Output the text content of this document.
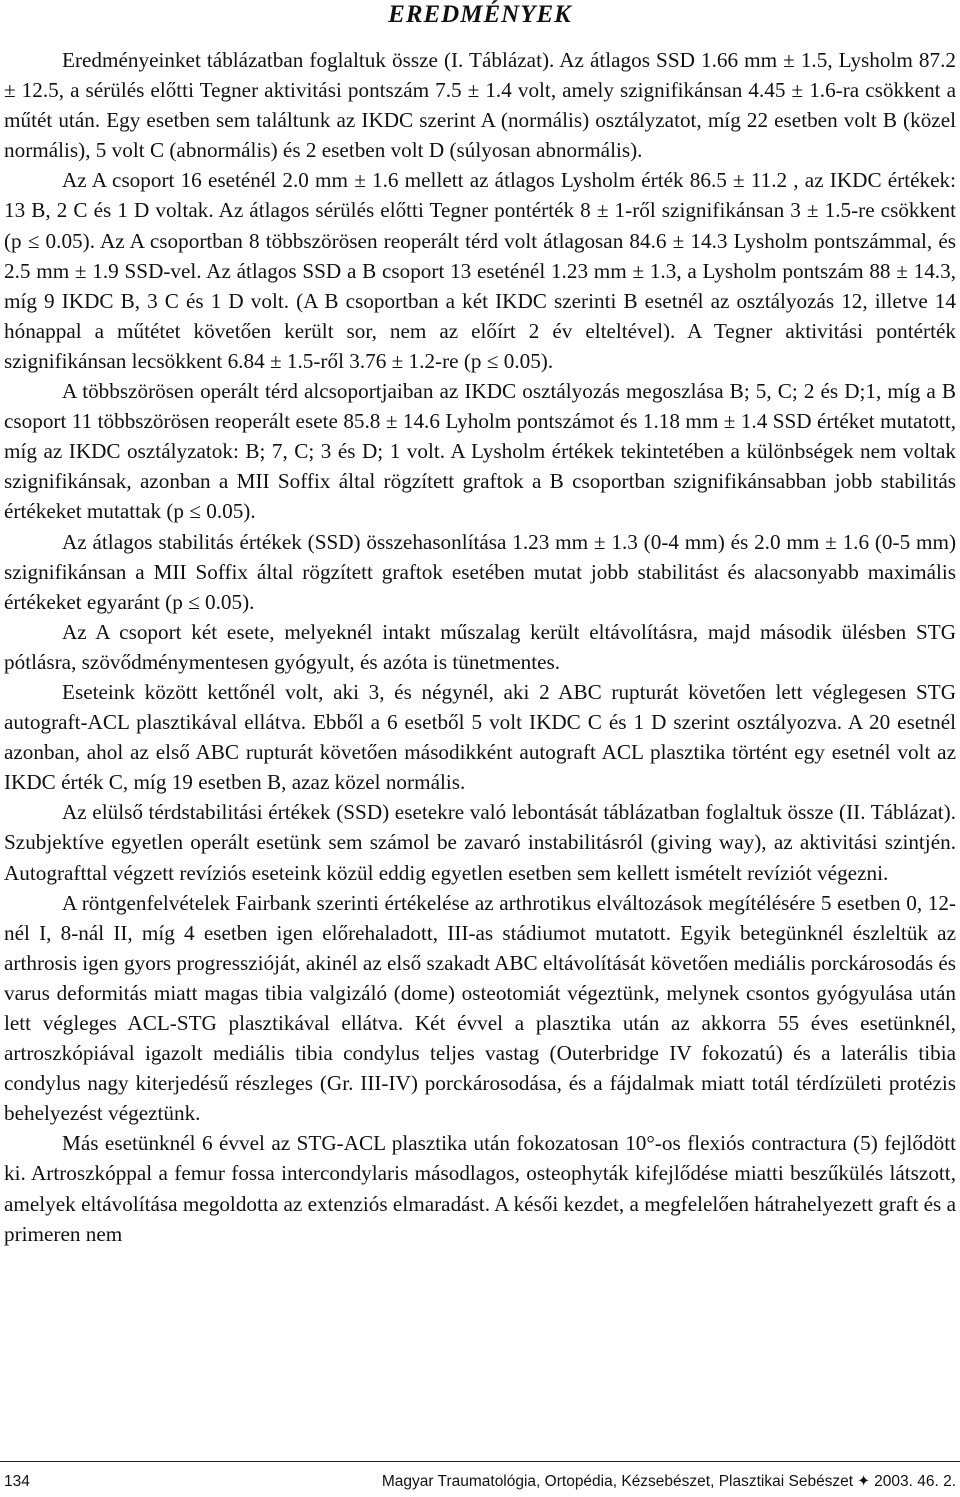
EREDMÉNYEK

Eredményeinket táblázatban foglaltuk össze (I. Táblázat). Az átlagos SSD 1.66 mm ± 1.5, Lysholm 87.2 ± 12.5, a sérülés előtti Tegner aktivitási pontszám 7.5 ± 1.4 volt, amely szignifikánsan 4.45 ± 1.6-ra csökkent a műtét után. Egy esetben sem találtunk az IKDC szerint A (normális) osztályzatot, míg 22 esetben volt B (közel normális), 5 volt C (abnormális) és 2 esetben volt D (súlyosan abnormális).

Az A csoport 16 eseténél 2.0 mm ± 1.6 mellett az átlagos Lysholm érték 86.5 ± 11.2 , az IKDC értékek: 13 B, 2 C és 1 D voltak. Az átlagos sérülés előtti Tegner pontérték 8 ± 1-ről szignifikánsan 3 ± 1.5-re csökkent (p ≤ 0.05). Az A csoportban 8 többszörösen reoperált térd volt átlagosan 84.6 ± 14.3 Lysholm pontszámmal, és 2.5 mm ± 1.9 SSD-vel. Az átlagos SSD a B csoport 13 eseténél 1.23 mm ± 1.3, a Lysholm pontszám 88 ± 14.3, míg 9 IKDC B, 3 C és 1 D volt. (A B csoportban a két IKDC szerinti B esetnél az osztályozás 12, illetve 14 hónappal a műtétet követően került sor, nem az előírt 2 év elteltével). A Tegner aktivitási pontérték szignifikánsan lecsökkent 6.84 ± 1.5-ről 3.76 ± 1.2-re (p ≤ 0.05).

A többszörösen operált térd alcsoportjaiban az IKDC osztályozás megoszlása B; 5, C; 2 és D;1, míg a B csoport 11 többszörösen reoperált esete 85.8 ± 14.6 Lyholm pontszámot és 1.18 mm ± 1.4 SSD értéket mutatott, míg az IKDC osztályzatok: B; 7, C; 3 és D; 1 volt. A Lysholm értékek tekintetében a különbségek nem voltak szignifikánsak, azonban a MII Soffix által rögzített graftok a B csoportban szignifikánsabban jobb stabilitás értékeket mutattak (p ≤ 0.05).

Az átlagos stabilitás értékek (SSD) összehasonlítása 1.23 mm ± 1.3 (0-4 mm) és 2.0 mm ± 1.6 (0-5 mm) szignifikánsan a MII Soffix által rögzített graftok esetében mutat jobb stabilitást és alacsonyabb maximális értékeket egyaránt (p ≤ 0.05).

Az A csoport két esete, melyeknél intakt műszalag került eltávolításra, majd második ülésben STG pótlásra, szövődménymentesen gyógyult, és azóta is tünetmentes.

Eseteink között kettőnél volt, aki 3, és négynél, aki 2 ABC rupturát követően lett véglegesen STG autograft-ACL plasztikával ellátva. Ebből a 6 esetből 5 volt IKDC C és 1 D szerint osztályozva. A 20 esetnél azonban, ahol az első ABC rupturát követően másodikként autograft ACL plasztika történt egy esetnél volt az IKDC érték C, míg 19 esetben B, azaz közel normális.

Az elülső térdstabilitási értékek (SSD) esetekre való lebontását táblázatban foglaltuk össze (II. Táblázat). Szubjektíve egyetlen operált esetünk sem számol be zavaró instabilitásról (giving way), az aktivitási szintjén. Autografttal végzett revíziós eseteink közül eddig egyetlen esetben sem kellett ismételt revíziót végezni.

A röntgenfelvételek Fairbank szerinti értékelése az arthrotikus elváltozások megítélésére 5 esetben 0, 12-nél I, 8-nál II, míg 4 esetben igen előrehaladott, III-as stádiumot mutatott. Egyik betegünknél észleltük az arthrosis igen gyors progresszióját, akinél az első szakadt ABC eltávolítását követően mediális porckárosodás és varus deformitás miatt magas tibia valgizáló (dome) osteotomiát végeztünk, melynek csontos gyógyulása után lett végleges ACL-STG plasztikával ellátva. Két évvel a plasztika után az akkorra 55 éves esetünknél, artroszkópiával igazolt mediális tibia condylus teljes vastag (Outerbridge IV fokozatú) és a laterális tibia condylus nagy kiterjedésű részleges (Gr. III-IV) porckárosodása, és a fájdalmak miatt totál térdízületi protézis behelyezést végeztünk.

Más esetünknél 6 évvel az STG-ACL plasztika után fokozatosan 10°-os flexiós contractura (5) fejlődött ki. Artroszkóppal a femur fossa intercondylaris másodlagos, osteophyták kifejlődése miatti beszűkülés látszott, amelyek eltávolítása megoldotta az extenziós elmaradást. A késői kezdet, a megfelelően hátrahelyezett graft és a primeren nem

134	Magyar Traumatológia, Ortopédia, Kézsebészet, Plasztikai Sebészet ✦ 2003. 46. 2.
